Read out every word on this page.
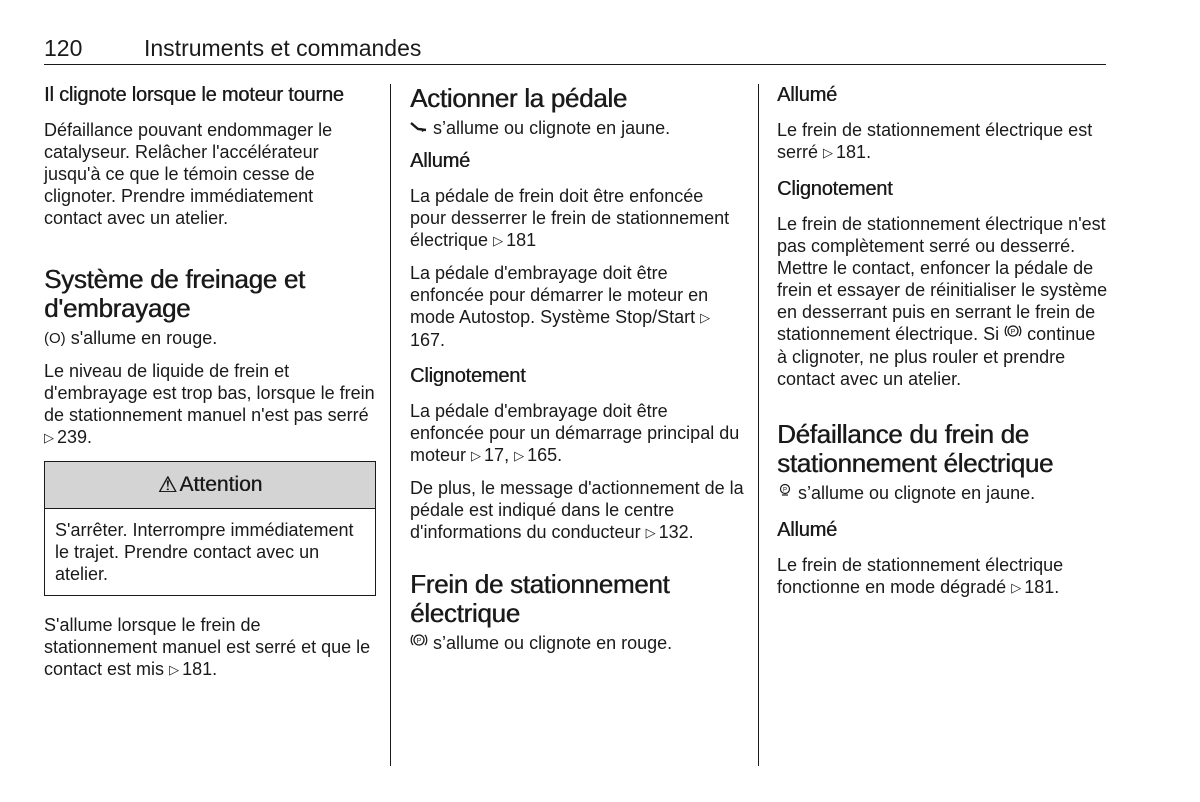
120	Instruments et commandes
Il clignote lorsque le moteur tourne

Défaillance pouvant endommager le catalyseur. Relâcher l'accélérateur jusqu'à ce que le témoin cesse de clignoter. Prendre immédiatement contact avec un atelier.

Système de freinage et d'embrayage

(O) s'allume en rouge.

Le niveau de liquide de frein et d'embrayage est trop bas, lorsque le frein de stationnement manuel n'est pas serré ▷ 239.

⚠ Attention
S'arrêter. Interrompre immédiatement le trajet. Prendre contact avec un atelier.

S'allume lorsque le frein de stationnement manuel est serré et que le contact est mis ▷ 181.

Actionner la pédale

s’allume ou clignote en jaune.

Allumé

La pédale de frein doit être enfoncée pour desserrer le frein de stationnement électrique ▷ 181

La pédale d'embrayage doit être enfoncée pour démarrer le moteur en mode Autostop. Système Stop/Start ▷167.

Clignotement

La pédale d'embrayage doit être enfoncée pour un démarrage principal du moteur ▷ 17, ▷ 165.

De plus, le message d'actionnement de la pédale est indiqué dans le centre d'informations du conducteur ▷ 132.

Frein de stationnement électrique

P s’allume ou clignote en rouge.

Allumé

Le frein de stationnement électrique est serré ▷ 181.

Clignotement

Le frein de stationnement électrique n'est pas complètement serré ou desserré. Mettre le contact, enfoncer la pédale de frein et essayer de réinitialiser le système en desserrant puis en serrant le frein de stationnement électrique. Si P continue à clignoter, ne plus rouler et prendre contact avec un atelier.

Défaillance du frein de stationnement électrique

P s’allume ou clignote en jaune.

Allumé

Le frein de stationnement électrique fonctionne en mode dégradé ▷ 181.
